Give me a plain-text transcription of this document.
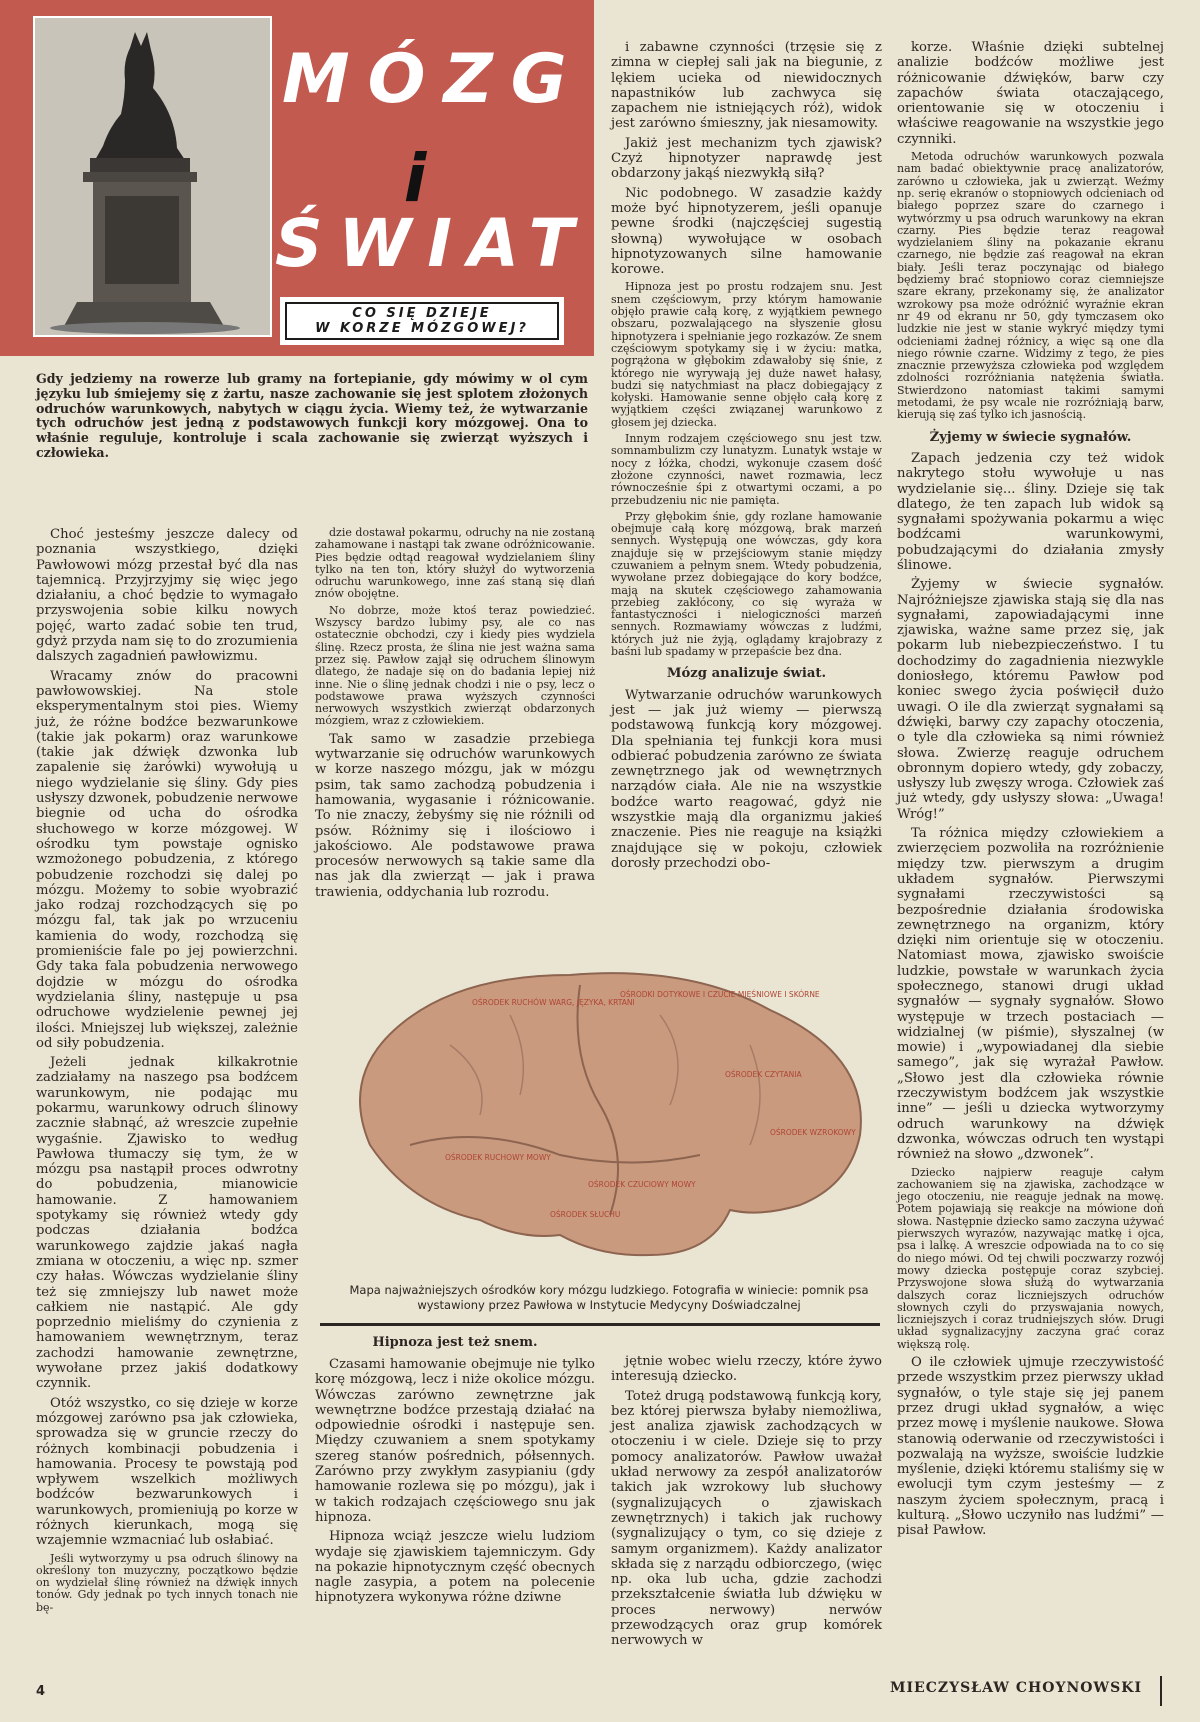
MÓZG
i
ŚWIAT
CO SIĘ DZIEJE
W KORZE MÓZGOWEJ?
Gdy jedziemy na rowerze lub gramy na fortepianie, gdy mówimy w ol cym języku lub śmiejemy się z żartu, nasze zachowanie się jest splotem złożonych odruchów warunkowych, nabytych w ciągu życia. Wiemy też, że wytwarzanie tych odruchów jest jedną z podstawowych funkcji kory mózgowej. Ona to właśnie reguluje, kontroluje i scala zachowanie się zwierząt wyższych i człowieka.

Choć jesteśmy jeszcze dalecy od poznania wszystkiego, dzięki Pawłowowi mózg przestał być dla nas tajemnicą. Przyjrzyjmy się więc jego działaniu, a choć będzie to wymagało przyswojenia sobie kilku nowych pojęć, warto zadać sobie ten trud, gdyż przyda nam się to do zrozumienia dalszych zagadnień pawłowizmu.

Wracamy znów do pracowni pawłowowskiej. Na stole eksperymentalnym stoi pies. Wiemy już, że różne bodźce bezwarunkowe (takie jak pokarm) oraz warunkowe (takie jak dźwięk dzwonka lub zapalenie się żarówki) wywołują u niego wydzielanie się śliny. Gdy pies usłyszy dzwonek, pobudzenie nerwowe biegnie od ucha do ośrodka słuchowego w korze mózgowej. W ośrodku tym powstaje ognisko wzmożonego pobudzenia, z którego pobudzenie rozchodzi się dalej po mózgu. Możemy to sobie wyobrazić jako rodzaj rozchodzących się po mózgu fal, tak jak po wrzuceniu kamienia do wody, rozchodzą się promieniście fale po jej powierzchni. Gdy taka fala pobudzenia nerwowego dojdzie w mózgu do ośrodka wydzielania śliny, następuje u psa odruchowe wydzielenie pewnej jej ilości. Mniejszej lub większej, zależnie od siły pobudzenia.

Jeżeli jednak kilkakrotnie zadziałamy na naszego psa bodźcem warunkowym, nie podając mu pokarmu, warunkowy odruch ślinowy zacznie słabnąć, aż wreszcie zupełnie wygaśnie. Zjawisko to według Pawłowa tłumaczy się tym, że w mózgu psa nastąpił proces odwrotny do pobudzenia, mianowicie hamowanie. Z hamowaniem spotykamy się również wtedy gdy podczas działania bodźca warunkowego zajdzie jakaś nagła zmiana w otoczeniu, a więc np. szmer czy hałas. Wówczas wydzielanie śliny też się zmniejszy lub nawet może całkiem nie nastąpić. Ale gdy poprzednio mieliśmy do czynienia z hamowaniem wewnętrznym, teraz zachodzi hamowanie zewnętrzne, wywołane przez jakiś dodatkowy czynnik.

Otóż wszystko, co się dzieje w korze mózgowej zarówno psa jak człowieka, sprowadza się w gruncie rzeczy do różnych kombinacji pobudzenia i hamowania. Procesy te powstają pod wpływem wszelkich możliwych bodźców bezwarunkowych i warunkowych, promieniują po korze w różnych kierunkach, mogą się wzajemnie wzmacniać lub osłabiać.

Jeśli wytworzymy u psa odruch ślinowy na określony ton muzyczny, początkowo będzie on wydzielał ślinę również na dźwięk innych tonów. Gdy jednak po tych innych tonach nie bę-

dzie dostawał pokarmu, odruchy na nie zostaną zahamowane i nastąpi tak zwane odróżnicowanie. Pies będzie odtąd reagował wydzielaniem śliny tylko na ten ton, który służył do wytworzenia odruchu warunkowego, inne zaś staną się dlań znów obojętne.

No dobrze, może ktoś teraz powiedzieć. Wszyscy bardzo lubimy psy, ale co nas ostatecznie obchodzi, czy i kiedy pies wydziela ślinę. Rzecz prosta, że ślina nie jest ważna sama przez się. Pawłow zajął się odruchem ślinowym dlatego, że nadaje się on do badania lepiej niż inne. Nie o ślinę jednak chodzi i nie o psy, lecz o podstawowe prawa wyższych czynności nerwowych wszystkich zwierząt obdarzonych mózgiem, wraz z człowiekiem.

Tak samo w zasadzie przebiega wytwarzanie się odruchów warunkowych w korze naszego mózgu, jak w mózgu psim, tak samo zachodzą pobudzenia i hamowania, wygasanie i różnicowanie. To nie znaczy, żebyśmy się nie różnili od psów. Różnimy się i ilościowo i jakościowo. Ale podstawowe prawa procesów nerwowych są takie same dla nas jak dla zwierząt — jak i prawa trawienia, oddychania lub rozrodu.

i zabawne czynności (trzęsie się z zimna w ciepłej sali jak na biegunie, z lękiem ucieka od niewidocznych napastników lub zachwyca się zapachem nie istniejących róż), widok jest zarówno śmieszny, jak niesamowity.

Jakiż jest mechanizm tych zjawisk? Czyż hipnotyzer naprawdę jest obdarzony jakąś niezwykłą siłą?

Nic podobnego. W zasadzie każdy może być hipnotyzerem, jeśli opanuje pewne środki (najczęściej sugestią słowną) wywołujące w osobach hipnotyzowanych silne hamowanie korowe.

Hipnoza jest po prostu rodzajem snu. Jest snem częściowym, przy którym hamowanie objęło prawie całą korę, z wyjątkiem pewnego obszaru, pozwalającego na słyszenie głosu hipnotyzera i spełnianie jego rozkazów. Ze snem częściowym spotykamy się i w życiu: matka, pogrążona w głębokim zdawałoby się śnie, z którego nie wyrywają jej duże nawet hałasy, budzi się natychmiast na płacz dobiegający z kołyski. Hamowanie senne objęło całą korę z wyjątkiem części związanej warunkowo z głosem jej dziecka.

Innym rodzajem częściowego snu jest tzw. somnambulizm czy lunatyzm. Lunatyk wstaje w nocy z łóżka, chodzi, wykonuje czasem dość złożone czynności, nawet rozmawia, lecz równocześnie śpi z otwartymi oczami, a po przebudzeniu nic nie pamięta.

Przy głębokim śnie, gdy rozlane hamowanie obejmuje całą korę mózgową, brak marzeń sennych. Występują one wówczas, gdy kora znajduje się w przejściowym stanie między czuwaniem a pełnym snem. Wtedy pobudzenia, wywołane przez dobiegające do kory bodźce, mają na skutek częściowego zahamowania przebieg zakłócony, co się wyraża w fantastyczności i nielogiczności marzeń sennych. Rozmawiamy wówczas z ludźmi, których już nie żyją, oglądamy krajobrazy z baśni lub spadamy w przepaście bez dna.

Mózg analizuje świat.

Wytwarzanie odruchów warunkowych jest — jak już wiemy — pierwszą podstawową funkcją kory mózgowej. Dla spełniania tej funkcji kora musi odbierać pobudzenia zarówno ze świata zewnętrznego jak od wewnętrznych narządów ciała. Ale nie na wszystkie bodźce warto reagować, gdyż nie wszystkie mają dla organizmu jakieś znaczenie. Pies nie reaguje na książki znajdujące się w pokoju, człowiek dorosły przechodzi obo-

korze. Właśnie dzięki subtelnej analizie bodźców możliwe jest różnicowanie dźwięków, barw czy zapachów świata otaczającego, orientowanie się w otoczeniu i właściwe reagowanie na wszystkie jego czynniki.

Metoda odruchów warunkowych pozwala nam badać obiektywnie pracę analizatorów, zarówno u człowieka, jak u zwierząt. Weźmy np. serię ekranów o stopniowych odcieniach od białego poprzez szare do czarnego i wytwórzmy u psa odruch warunkowy na ekran czarny. Pies będzie teraz reagował wydzielaniem śliny na pokazanie ekranu czarnego, nie będzie zaś reagował na ekran biały. Jeśli teraz poczynając od białego będziemy brać stopniowo coraz ciemniejsze szare ekrany, przekonamy się, że analizator wzrokowy psa może odróżnić wyraźnie ekran nr 49 od ekranu nr 50, gdy tymczasem oko ludzkie nie jest w stanie wykryć między tymi odcieniami żadnej różnicy, a więc są one dla niego równie czarne. Widzimy z tego, że pies znacznie przewyższa człowieka pod względem zdolności rozróżniania natężenia światła. Stwierdzono natomiast takimi samymi metodami, że psy wcale nie rozróżniają barw, kierują się zaś tylko ich jasnością.

Żyjemy w świecie sygnałów.

Zapach jedzenia czy też widok nakrytego stołu wywołuje u nas wydzielanie się... śliny. Dzieje się tak dlatego, że ten zapach lub widok są sygnałami spożywania pokarmu a więc bodźcami warunkowymi, pobudzającymi do działania zmysły ślinowe.

Żyjemy w świecie sygnałów. Najróżniejsze zjawiska stają się dla nas sygnałami, zapowiadającymi inne zjawiska, ważne same przez się, jak pokarm lub niebezpieczeństwo. I tu dochodzimy do zagadnienia niezwykle doniosłego, któremu Pawłow pod koniec swego życia poświęcił dużo uwagi. O ile dla zwierząt sygnałami są dźwięki, barwy czy zapachy otoczenia, o tyle dla człowieka są nimi również słowa. Zwierzę reaguje odruchem obronnym dopiero wtedy, gdy zobaczy, usłyszy lub zwęszy wroga. Człowiek zaś już wtedy, gdy usłyszy słowa: „Uwaga! Wróg!”

Ta różnica między człowiekiem a zwierzęciem pozwoliła na rozróżnienie między tzw. pierwszym a drugim układem sygnałów. Pierwszymi sygnałami rzeczywistości są bezpośrednie działania środowiska zewnętrznego na organizm, który dzięki nim orientuje się w otoczeniu. Natomiast mowa, zjawisko swoiście ludzkie, powstałe w warunkach życia społecznego, stanowi drugi układ sygnałów — sygnały sygnałów. Słowo występuje w trzech postaciach — widzialnej (w piśmie), słyszalnej (w mowie) i „wypowiadanej dla siebie samego”, jak się wyrażał Pawłow. „Słowo jest dla człowieka równie rzeczywistym bodźcem jak wszystkie inne” — jeśli u dziecka wytworzymy odruch warunkowy na dźwięk dzwonka, wówczas odruch ten wystąpi również na słowo „dzwonek”.

Dziecko najpierw reaguje całym zachowaniem się na zjawiska, zachodzące w jego otoczeniu, nie reaguje jednak na mowę. Potem pojawiają się reakcje na mówione doń słowa. Następnie dziecko samo zaczyna używać pierwszych wyrazów, nazywając matkę i ojca, psa i lalkę. A wreszcie odpowiada na to co się do niego mówi. Od tej chwili poczwarzy rozwój mowy dziecka postępuje coraz szybciej. Przyswojone słowa służą do wytwarzania dalszych coraz liczniejszych odruchów słownych czyli do przyswajania nowych, liczniejszych i coraz trudniejszych słów. Drugi układ sygnalizacyjny zaczyna grać coraz większą rolę.

O ile człowiek ujmuje rzeczywistość przede wszystkim przez pierwszy układ sygnałów, o tyle staje się jej panem przez drugi układ sygnałów, a więc przez mowę i myślenie naukowe. Słowa stanowią oderwanie od rzeczywistości i pozwalają na wyższe, swoiście ludzkie myślenie, dzięki któremu staliśmy się w ewolucji tym czym jesteśmy — z naszym życiem społecznym, pracą i kulturą. „Słowo uczyniło nas ludźmi” — pisał Pawłow.

OŚRODEK RUCHÓW WARG, JĘZYKA, KRTANI
OŚRODKI DOTYKOWE I CZUCIE MIĘŚNIOWE I SKÓRNE
OŚRODEK CZYTANIA
OŚRODEK WZROKOWY
OŚRODEK RUCHOWY MOWY
OŚRODEK CZUCIOWY MOWY
OŚRODEK SŁUCHU
Mapa najważniejszych ośrodków kory mózgu ludzkiego. Fotografia w winiecie: pomnik psa wystawiony przez Pawłowa w Instytucie Medycyny Doświadczalnej
Hipnoza jest też snem.

Czasami hamowanie obejmuje nie tylko korę mózgową, lecz i niże okolice mózgu. Wówczas zarówno zewnętrzne jak wewnętrzne bodźce przestają działać na odpowiednie ośrodki i następuje sen. Między czuwaniem a snem spotykamy szereg stanów pośrednich, półsennych. Zarówno przy zwykłym zasypianiu (gdy hamowanie rozlewa się po mózgu), jak i w takich rodzajach częściowego snu jak hipnoza.

Hipnoza wciąż jeszcze wielu ludziom wydaje się zjawiskiem tajemniczym. Gdy na pokazie hipnotycznym część obecnych nagle zasypia, a potem na polecenie hipnotyzera wykonywa różne dziwne

jętnie wobec wielu rzeczy, które żywo interesują dziecko.

Toteż drugą podstawową funkcją kory, bez której pierwsza byłaby niemożliwa, jest analiza zjawisk zachodzących w otoczeniu i w ciele. Dzieje się to przy pomocy analizatorów. Pawłow uważał układ nerwowy za zespół analizatorów takich jak wzrokowy lub słuchowy (sygnalizujących o zjawiskach zewnętrznych) i takich jak ruchowy (sygnalizujący o tym, co się dzieje z samym organizmem). Każdy analizator składa się z narządu odbiorczego, (więc np. oka lub ucha, gdzie zachodzi przekształcenie światła lub dźwięku w proces nerwowy) nerwów przewodzących oraz grup komórek nerwowych w

4	MIECZYSŁAW CHOYNOWSKI
